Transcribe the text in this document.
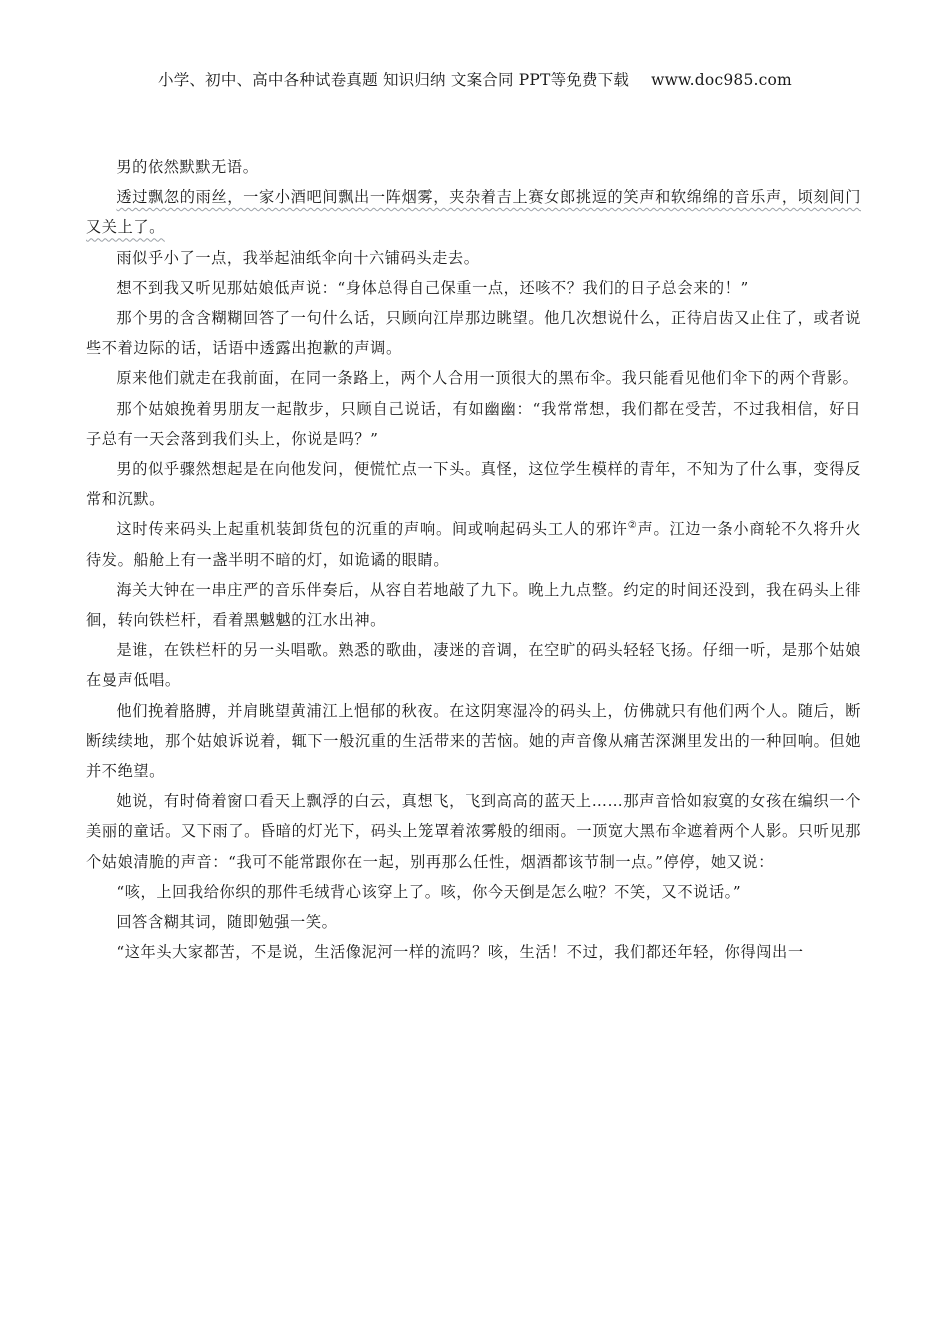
小学、初中、高中各种试卷真题 知识归纳 文案合同 PPT等免费下载 www.doc985.com

男的依然默默无语。

透过飘忽的雨丝，一家小酒吧间飘出一阵烟雾，夹杂着吉上赛女郎挑逗的笑声和软绵绵的音乐声，顷刻间门又关上了。

雨似乎小了一点，我举起油纸伞向十六铺码头走去。

想不到我又听见那姑娘低声说：“身体总得自己保重一点，还咳不？我们的日子总会来的！”

那个男的含含糊糊回答了一句什么话，只顾向江岸那边眺望。他几次想说什么，正待启齿又止住了，或者说些不着边际的话，话语中透露出抱歉的声调。

原来他们就走在我前面，在同一条路上，两个人合用一顶很大的黑布伞。我只能看见他们伞下的两个背影。

那个姑娘挽着男朋友一起散步，只顾自己说话，有如幽幽：“我常常想，我们都在受苦，不过我相信，好日子总有一天会落到我们头上，你说是吗？”

男的似乎骤然想起是在向他发问，便慌忙点一下头。真怪，这位学生模样的青年，不知为了什么事，变得反常和沉默。

这时传来码头上起重机装卸货包的沉重的声响。间或响起码头工人的邪许②声。江边一条小商轮不久将升火待发。船舱上有一盏半明不暗的灯，如诡谲的眼睛。

海关大钟在一串庄严的音乐伴奏后，从容自若地敲了九下。晚上九点整。约定的时间还没到，我在码头上徘徊，转向铁栏杆，看着黑魆魆的江水出神。

是谁，在铁栏杆的另一头唱歌。熟悉的歌曲，凄迷的音调，在空旷的码头轻轻飞扬。仔细一听，是那个姑娘在曼声低唱。

他们挽着胳膊，并肩眺望黄浦江上悒郁的秋夜。在这阴寒湿冷的码头上，仿佛就只有他们两个人。随后，断断续续地，那个姑娘诉说着，辄下一般沉重的生活带来的苦恼。她的声音像从痛苦深渊里发出的一种回响。但她并不绝望。

她说，有时倚着窗口看天上飘浮的白云，真想飞，飞到高高的蓝天上……那声音恰如寂寞的女孩在编织一个美丽的童话。又下雨了。昏暗的灯光下，码头上笼罩着浓雾般的细雨。一顶宽大黑布伞遮着两个人影。只听见那个姑娘清脆的声音：“我可不能常跟你在一起，别再那么任性，烟酒都该节制一点。”停停，她又说：

“咳，上回我给你织的那件毛绒背心该穿上了。咳，你今天倒是怎么啦？不笑，又不说话。”

回答含糊其词，随即勉强一笑。

“这年头大家都苦，不是说，生活像泥河一样的流吗？咳，生活！不过，我们都还年轻，你得闯出一
